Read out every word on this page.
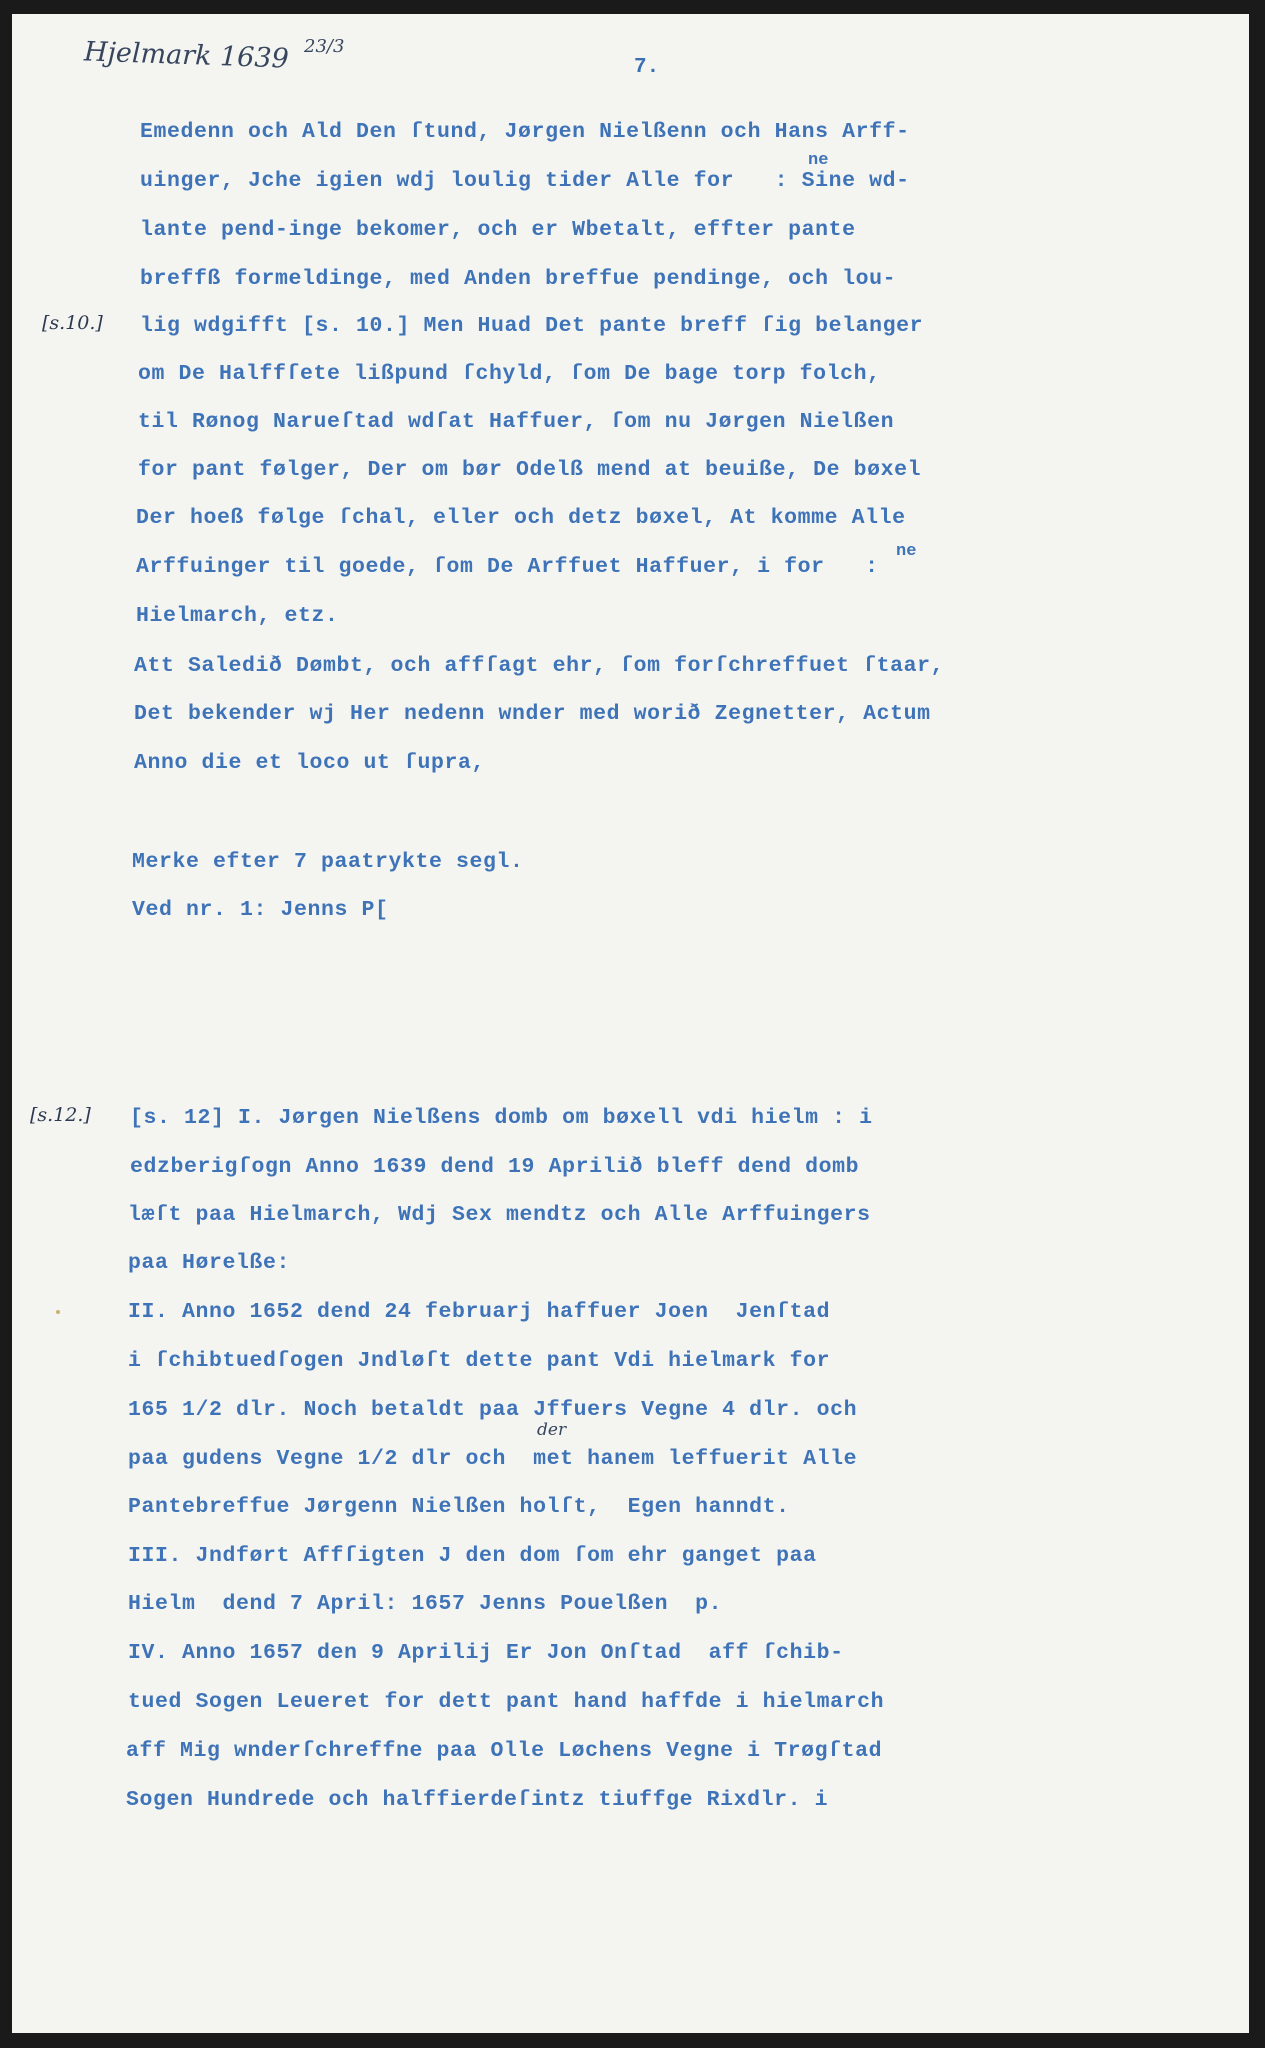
Hjelmark 1639 23/3
7.
Emedenn och Ald Den ſtund, Jørgen Nielßenn och Hans Arff-
ne
uinger, Jche igien wdj loulig tider Alle for   : Sine wd-
lante pend-inge bekomer, och er Wbetalt, effter pante
breffß formeldinge, med Anden breffue pendinge, och lou-
[s.10.] lig wdgifft [s. 10.] Men Huad Det pante breff ſig belanger
om De Halffſete lißpund ſchyld, ſom De bage torp folch,
til Rønog Narueſtad wdſat Haffuer, ſom nu Jørgen Nielßen
for pant følger, Der om bør Odelß mend at beuiße, De bøxel
Der hoeß følge ſchal, eller och detz bøxel, At komme Alle
ne
Arffuinger til goede, ſom De Arffuet Haffuer, i for   :
Hielmarch, etz.
Att Saledið Dømbt, och affſagt ehr, ſom forſchreffuet ſtaar,
Det bekender wj Her nedenn wnder med worið Zegnetter, Actum
Anno die et loco ut ſupra,
Merke efter 7 paatrykte segl.
Ved nr. 1: Jenns P[
[s.12.] [s. 12] I. Jørgen Nielßens domb om bøxell vdi hielm : i
edzberigſogn Anno 1639 dend 19 Aprilið bleff dend domb
læſt paa Hielmarch, Wdj Sex mendtz och Alle Arffuingers
paa Hørelße:
II. Anno 1652 dend 24 februarj haffuer Joen  Jenſtad
i ſchibtuedſogen Jndløſt dette pant Vdi hielmark for
165 1/2 dlr. Noch betaldt paa Jffuers Vegne 4 dlr. och
der
paa gudens Vegne 1/2 dlr och  met hanem leffuerit Alle
Pantebreffue Jørgenn Nielßen holſt,  Egen hanndt.
III. Jndført Affſigten J den dom ſom ehr ganget paa
Hielm  dend 7 April: 1657 Jenns Pouelßen  p.
IV. Anno 1657 den 9 Aprilij Er Jon Onſtad  aff ſchib-
tued Sogen Leueret for dett pant hand haffde i hielmarch
aff Mig wnderſchreffne paa Olle Løchens Vegne i Trøgſtad
Sogen Hundrede och halffierdeſintz tiuffge Rixdlr. i
